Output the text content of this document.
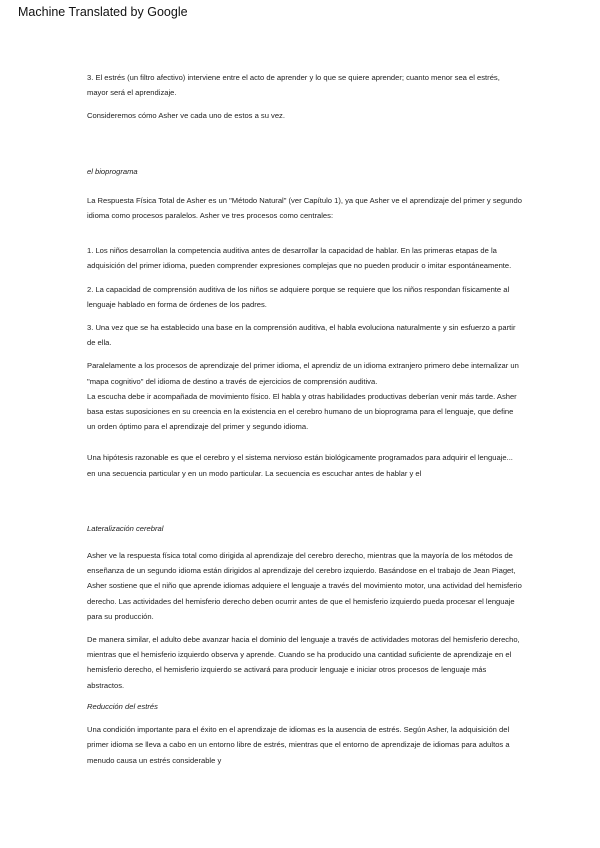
Machine Translated by Google

3. El estrés (un filtro afectivo) interviene entre el acto de aprender y lo que se quiere aprender; cuanto menor sea el estrés, mayor será el aprendizaje.

Consideremos cómo Asher ve cada uno de estos a su vez.

el bioprograma

La Respuesta Física Total de Asher es un "Método Natural" (ver Capítulo 1), ya que Asher ve el aprendizaje del primer y segundo idioma como procesos paralelos. Asher ve tres procesos como centrales:

1. Los niños desarrollan la competencia auditiva antes de desarrollar la capacidad de hablar. En las primeras etapas de la adquisición del primer idioma, pueden comprender expresiones complejas que no pueden producir o imitar espontáneamente.

2. La capacidad de comprensión auditiva de los niños se adquiere porque se requiere que los niños respondan físicamente al lenguaje hablado en forma de órdenes de los padres.

3. Una vez que se ha establecido una base en la comprensión auditiva, el habla evoluciona naturalmente y sin esfuerzo a partir de ella.

Paralelamente a los procesos de aprendizaje del primer idioma, el aprendiz de un idioma extranjero primero debe internalizar un "mapa cognitivo" del idioma de destino a través de ejercicios de comprensión auditiva.

La escucha debe ir acompañada de movimiento físico. El habla y otras habilidades productivas deberían venir más tarde. Asher basa estas suposiciones en su creencia en la existencia en el cerebro humano de un bioprograma para el lenguaje, que define un orden óptimo para el aprendizaje del primer y segundo idioma.

Una hipótesis razonable es que el cerebro y el sistema nervioso están biológicamente programados para adquirir el lenguaje... en una secuencia particular y en un modo particular. La secuencia es escuchar antes de hablar y el

Lateralización cerebral

Asher ve la respuesta física total como dirigida al aprendizaje del cerebro derecho, mientras que la mayoría de los métodos de enseñanza de un segundo idioma están dirigidos al aprendizaje del cerebro izquierdo. Basándose en el trabajo de Jean Piaget, Asher sostiene que el niño que aprende idiomas adquiere el lenguaje a través del movimiento motor, una actividad del hemisferio derecho. Las actividades del hemisferio derecho deben ocurrir antes de que el hemisferio izquierdo pueda procesar el lenguaje para su producción.

De manera similar, el adulto debe avanzar hacia el dominio del lenguaje a través de actividades motoras del hemisferio derecho, mientras que el hemisferio izquierdo observa y aprende. Cuando se ha producido una cantidad suficiente de aprendizaje en el hemisferio derecho, el hemisferio izquierdo se activará para producir lenguaje e iniciar otros procesos de lenguaje más abstractos.

Reducción del estrés

Una condición importante para el éxito en el aprendizaje de idiomas es la ausencia de estrés. Según Asher, la adquisición del primer idioma se lleva a cabo en un entorno libre de estrés, mientras que el entorno de aprendizaje de idiomas para adultos a menudo causa un estrés considerable y
